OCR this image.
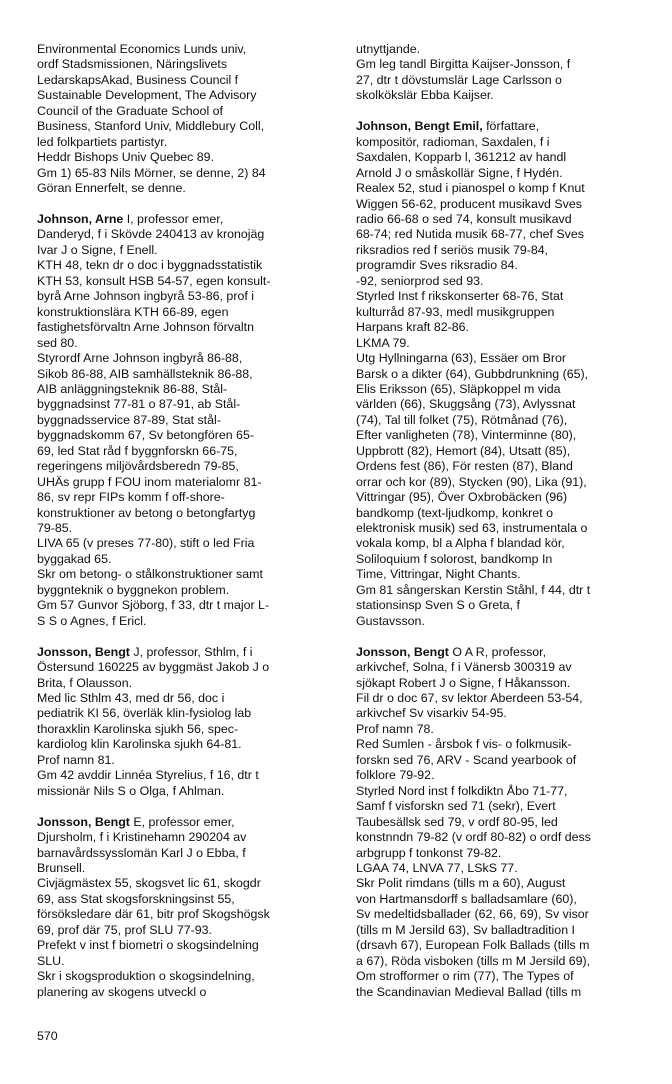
Environmental Economics Lunds univ,
ordf Stadsmissionen, Näringslivets
LedarskapsAkad, Business Council f
Sustainable Development, The Advisory
Council of the Graduate School of
Business, Stanford Univ, Middlebury Coll,
led folkpartiets partistyr.
Heddr Bishops Univ Quebec 89.
Gm 1) 65-83 Nils Mörner, se denne, 2) 84
Göran Ennerfelt, se denne.
Johnson, Arne I, professor emer,
Danderyd, f i Skövde 240413 av kronojäg
Ivar J o Signe, f Enell.
KTH 48, tekn dr o doc i byggnadsstatistik
KTH 53, konsult HSB 54-57, egen konsult-
byrå Arne Johnson ingbyrå 53-86, prof i
konstruktionslära KTH 66-89, egen
fastighetsförvaltn Arne Johnson förvaltn
sed 80.
Styrordf Arne Johnson ingbyrå 86-88,
Sikob 86-88, AIB samhällsteknik 86-88,
AIB anläggningsteknik 86-88, Stål-
byggnadsinst 77-81 o 87-91, ab Stål-
byggnadsservice 87-89, Stat stål-
byggnadskomm 67, Sv betongfören 65-
69, led Stat råd f byggnforskn 66-75,
regeringens miljövårdsberedn 79-85,
UHÄs grupp f FOU inom materialomr 81-
86, sv repr FIPs komm f off-shore-
konstruktioner av betong o betongfartyg
79-85.
LIVA 65 (v preses 77-80), stift o led Fria
byggakad 65.
Skr om betong- o stålkonstruktioner samt
byggnteknik o byggnekon problem.
Gm 57 Gunvor Sjöborg, f 33, dtr t major L-
S S o Agnes, f Ericl.
Jonsson, Bengt J, professor, Sthlm, f i
Östersund 160225 av byggmäst Jakob J o
Brita, f Olausson.
Med lic Sthlm 43, med dr 56, doc i
pediatrik KI 56, överläk klin-fysiolog lab
thoraxklin Karolinska sjukh 56, spec-
kardiolog klin Karolinska sjukh 64-81.
Prof namn 81.
Gm 42 avddir Linnéa Styrelius, f 16, dtr t
missionär Nils S o Olga, f Ahlman.
Jonsson, Bengt E, professor emer,
Djursholm, f i Kristinehamn 290204 av
barnavårdssysslomän Karl J o Ebba, f
Brunsell.
Civjägmästex 55, skogsvet lic 61, skogdr
69, ass Stat skogsforskningsinst 55,
försöksledare där 61, bitr prof Skogshögsk
69, prof där 75, prof SLU 77-93.
Prefekt v inst f biometri o skogsindelning
SLU.
Skr i skogsproduktion o skogsindelning,
planering av skogens utveckl o
utnyttjande.
Gm leg tandl Birgitta Kaijser-Jonsson, f
27, dtr t dövstumslär Lage Carlsson o
skolkökslär Ebba Kaijser.
Johnson, Bengt Emil, författare,
kompositör, radioman, Saxdalen, f i
Saxdalen, Kopparb l, 361212 av handl
Arnold J o småskollär Signe, f Hydén.
Realex 52, stud i pianospel o komp f Knut
Wiggen 56-62, producent musikavd Sves
radio 66-68 o sed 74, konsult musikavd
68-74; red Nutida musik 68-77, chef Sves
riksradios red f seriös musik 79-84,
programdir Sves riksradio 84.
-92, seniorprod sed 93.
Styrled Inst f rikskonserter 68-76, Stat
kulturråd 87-93, medl musikgruppen
Harpans kraft 82-86.
LKMA 79.
Utg Hyllningarna (63), Essäer om Bror
Barsk o a dikter (64), Gubbdrunkning (65),
Elis Eriksson (65), Släpkoppel m vida
världen (66), Skuggsång (73), Avlyssnat
(74), Tal till folket (75), Rötmånad (76),
Efter vanligheten (78), Vinterminne (80),
Uppbrott (82), Hemort (84), Utsatt (85),
Ordens fest (86), För resten (87), Bland
orrar och kor (89), Stycken (90), Lika (91),
Vittringar (95), Över Oxbrobäcken (96)
bandkomp (text-ljudkomp, konkret o
elektronisk musik) sed 63, instrumentala o
vokala komp, bl a Alpha f blandad kör,
Soliloquium f solorost, bandkomp In
Time, Vittringar, Night Chants.
Gm 81 sångerskan Kerstin Ståhl, f 44, dtr t
stationsinsp Sven S o Greta, f
Gustavsson.
Jonsson, Bengt O A R, professor,
arkivchef, Solna, f i Vänersb 300319 av
sjökapt Robert J o Signe, f Håkansson.
Fil dr o doc 67, sv lektor Aberdeen 53-54,
arkivchef Sv visarkiv 54-95.
Prof namn 78.
Red Sumlen - årsbok f vis- o folkmusik-
forskn sed 76, ARV - Scand yearbook of
folklore 79-92.
Styrled Nord inst f folkdiktn Åbo 71-77,
Samf f visforskn sed 71 (sekr), Evert
Taubesällsk sed 79, v ordf 80-95, led
konstnndn 79-82 (v ordf 80-82) o ordf dess
arbgrupp f tonkonst 79-82.
LGAA 74, LNVA 77, LSkS 77.
Skr Polit rimdans (tills m a 60), August
von Hartmansdorff s balladsamlare (60),
Sv medeltidsballader (62, 66, 69), Sv visor
(tills m M Jersild 63), Sv balladtradition I
(drsavh 67), European Folk Ballads (tills m
a 67), Röda visboken (tills m M Jersild 69),
Om strofformer o rim (77), The Types of
the Scandinavian Medieval Ballad (tills m
570
